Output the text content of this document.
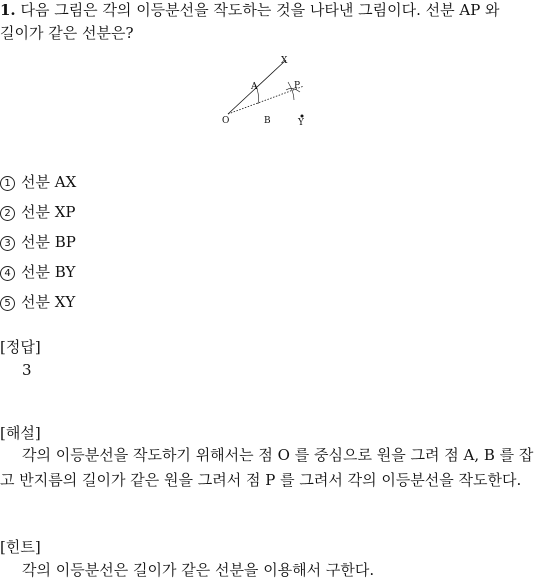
1. 다음 그림은 각의 이등분선을 작도하는 것을 나타낸 그림이다. 선분 AP 와
길이가 같은 선분은?
O
A
B
X
P
Y
1 선분 AX
2 선분 XP
3 선분 BP
4 선분 BY
5 선분 XY
[정답]
3
[해설]
각의 이등분선을 작도하기 위해서는 점 O 를 중심으로 원을 그려 점 A, B 를 잡고 반지름의 길이가 같은 원을 그려서 점 P 를 그려서 각의 이등분선을 작도한다.
[힌트]
각의 이등분선은 길이가 같은 선분을 이용해서 구한다.
